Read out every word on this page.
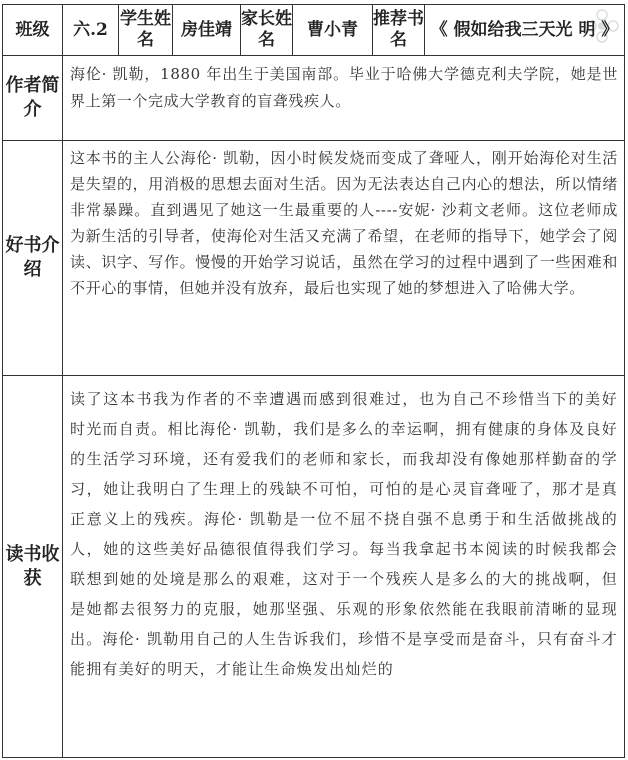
班级	六.2	学生姓名	房佳靖	家长姓名	曹小青	推荐书名	《 假如给我三天光 明 》
作者简介	海伦· 凯勒，1880 年出生于美国南部。毕业于哈佛大学德克利夫学院，她是世界上第一个完成大学教育的盲聋残疾人。						
好书介绍	这本书的主人公海伦· 凯勒，因小时候发烧而变成了聋哑人，刚开始海伦对生活是失望的，用消极的思想去面对生活。因为无法表达自己内心的想法，所以情绪非常暴躁。直到遇见了她这一生最重要的人----安妮· 沙莉文老师。这位老师成为新生活的引导者，使海伦对生活又充满了希望，在老师的指导下，她学会了阅读、识字、写作。慢慢的开始学习说话，虽然在学习的过程中遇到了一些困难和不开心的事情，但她并没有放弃，最后也实现了她的梦想进入了哈佛大学。						
读书收获	读了这本书我为作者的不幸遭遇而感到很难过，也为自己不珍惜当下的美好时光而自责。相比海伦· 凯勒，我们是多么的幸运啊，拥有健康的身体及良好的生活学习环境，还有爱我们的老师和家长，而我却没有像她那样勤奋的学习，她让我明白了生理上的残缺不可怕，可怕的是心灵盲聋哑了，那才是真正意义上的残疾。海伦· 凯勒是一位不屈不挠自强不息勇于和生活做挑战的人，她的这些美好品德很值得我们学习。每当我拿起书本阅读的时候我都会联想到她的处境是那么的艰难，这对于一个残疾人是多么的大的挑战啊，但是她都去很努力的克服，她那坚强、乐观的形象依然能在我眼前清晰的显现出。海伦· 凯勒用自己的人生告诉我们，珍惜不是享受而是奋斗，只有奋斗才能拥有美好的明天，才能让生命焕发出灿烂的						
